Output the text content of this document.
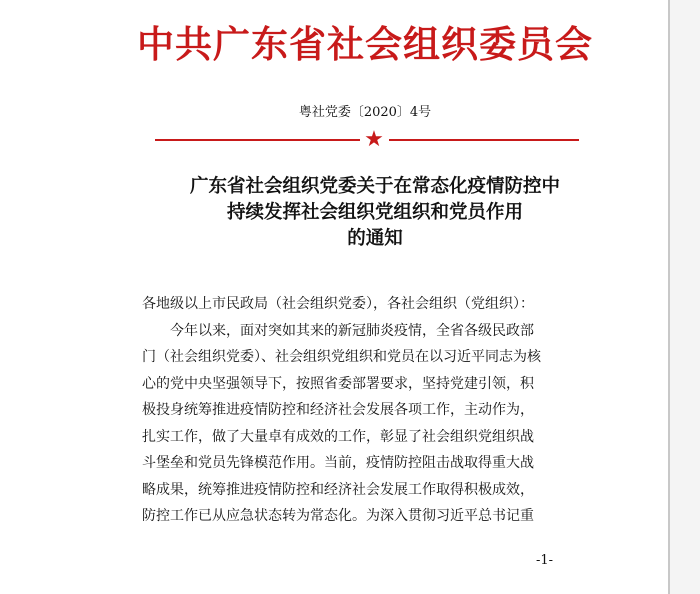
中共广东省社会组织委员会
粤社党委〔2020〕4号
★
广东省社会组织党委关于在常态化疫情防控中
持续发挥社会组织党组织和党员作用
的通知
各地级以上市民政局（社会组织党委），各社会组织（党组织）：
　　今年以来，面对突如其来的新冠肺炎疫情，全省各级民政部
门（社会组织党委）、社会组织党组织和党员在以习近平同志为核
心的党中央坚强领导下，按照省委部署要求，坚持党建引领，积
极投身统筹推进疫情防控和经济社会发展各项工作，主动作为，
扎实工作，做了大量卓有成效的工作，彰显了社会组织党组织战
斗堡垒和党员先锋模范作用。当前，疫情防控阻击战取得重大战
略成果，统筹推进疫情防控和经济社会发展工作取得积极成效，
防控工作已从应急状态转为常态化。为深入贯彻习近平总书记重
-1-
